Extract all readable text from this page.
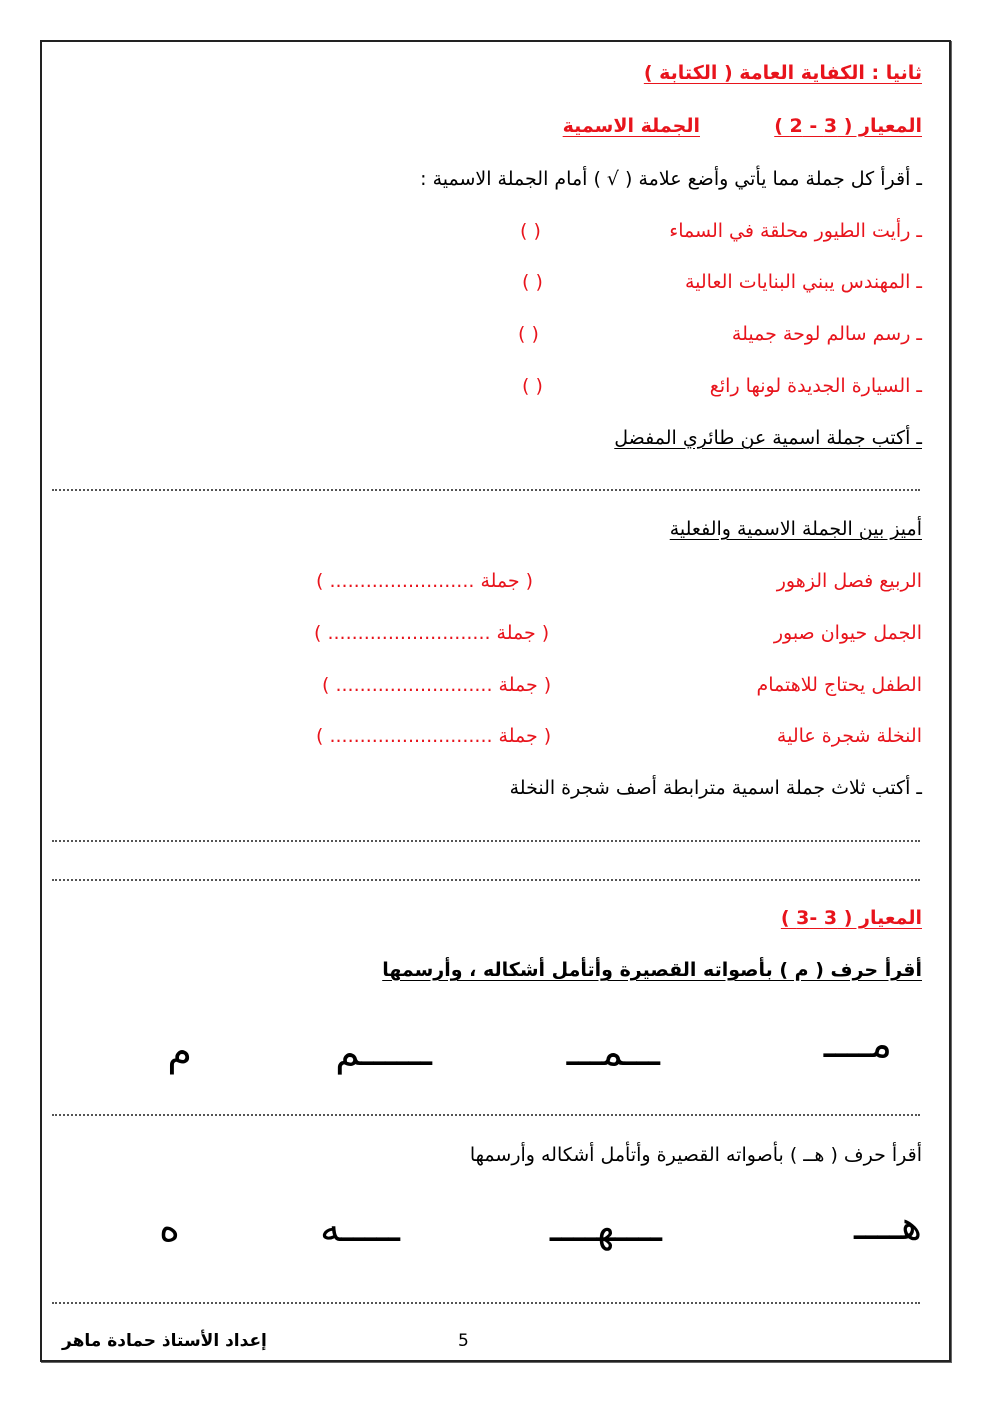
ثانيا : الكفاية العامة ( الكتابة )
المعيار ( 3 - 2 )
الجملة الاسمية
ـ أقرأ كل جملة مما يأتي وأضع علامة ( √ ) أمام الجملة الاسمية :
ـ رأيت الطيور محلقة في السماء
( )
ـ المهندس يبني البنايات العالية
( )
ـ رسم سالم لوحة جميلة
( )
ـ السيارة الجديدة لونها رائع
( )
ـ أكتب جملة اسمية عن طائري المفضل
أميز بين الجملة الاسمية والفعلية
الربيع فصل الزهور
( جملة ........................ )
الجمل حيوان صبور
( جملة ........................... )
الطفل يحتاج للاهتمام
( جملة .......................... )
النخلة شجرة عالية
( جملة ........................... )
ـ أكتب ثلاث جملة اسمية مترابطة أصف شجرة النخلة
المعيار ( 3 -3 )
أقرأ حرف ( م ) بأصواته القصيرة وأتأمل أشكاله ، وأرسمها
مــــ
ـــمـــ
ــــــم
م
أقرأ حرف ( هــ ) بأصواته القصيرة وأتأمل أشكاله وأرسمها
هــــ
ــــهــــ
ـــــه
ه
5
إعداد الأستاذ حمادة ماهر
